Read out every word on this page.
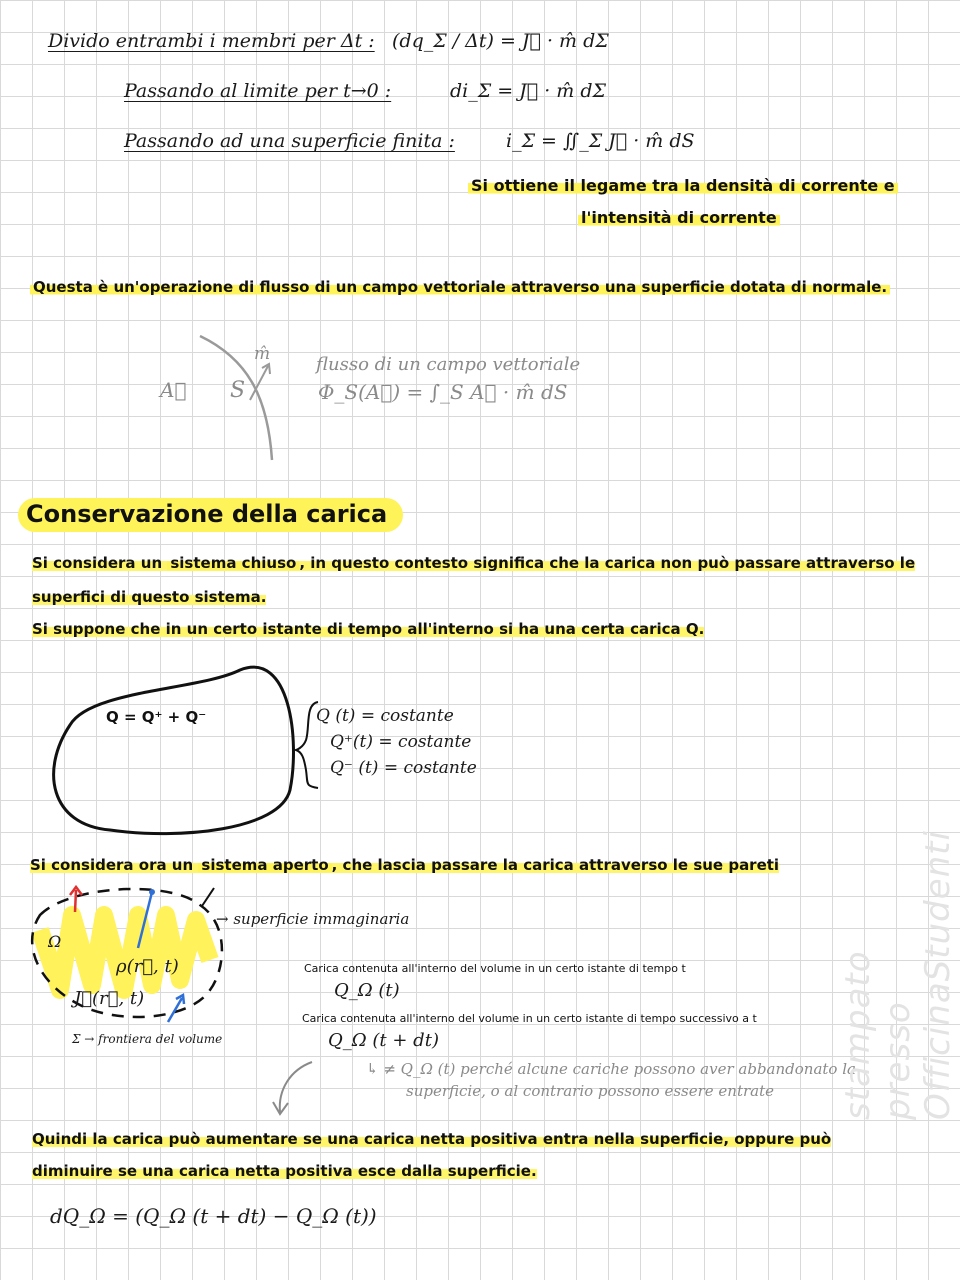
Divido entrambi i membri per Δt : (dq_Σ / Δt) = J⃗ · m̂ dΣ
Passando al limite per t→0 :	di_Σ = J⃗ · m̂ dΣ
Passando ad una superficie finita :	i_Σ = ∬_Σ J⃗ · m̂ dS
Si ottiene il legame tra la densità di corrente e
l'intensità di corrente
Questa è un'operazione di flusso di un campo vettoriale attraverso una superficie dotata di normale.
A⃗ S
m̂	flusso di un campo vettoriale
Φ_S(A⃗) = ∫_S A⃗ · m̂ dS
Conservazione della carica
Si considera un sistema chiuso , in questo contesto significa che la carica non può passare attraverso le
superfici di questo sistema.
Si suppone che in un certo istante di tempo all'interno si ha una certa carica Q.
Q = Q⁺ + Q⁻	Q (t) = costante
Q⁺(t) = costante
Q⁻ (t) = costante
Si considera ora un sistema aperto , che lascia passare la carica attraverso le sue pareti
→ superficie immaginaria
Ω
ρ(r⃗, t)
J⃗(r⃗, t)
Σ → frontiera del volume
Carica contenuta all'interno del volume in un certo istante di tempo t
Q_Ω (t)
Carica contenuta all'interno del volume in un certo istante di tempo successivo a t
Q_Ω (t + dt)
↳ ≠ Q_Ω (t) perché alcune cariche possono aver abbandonato la
superficie, o al contrario possono essere entrate
Quindi la carica può aumentare se una carica netta positiva entra nella superficie, oppure può
diminuire se una carica netta positiva esce dalla superficie.
dQ_Ω = (Q_Ω (t + dt) − Q_Ω (t))
stampato presso OfficinaStudenti
